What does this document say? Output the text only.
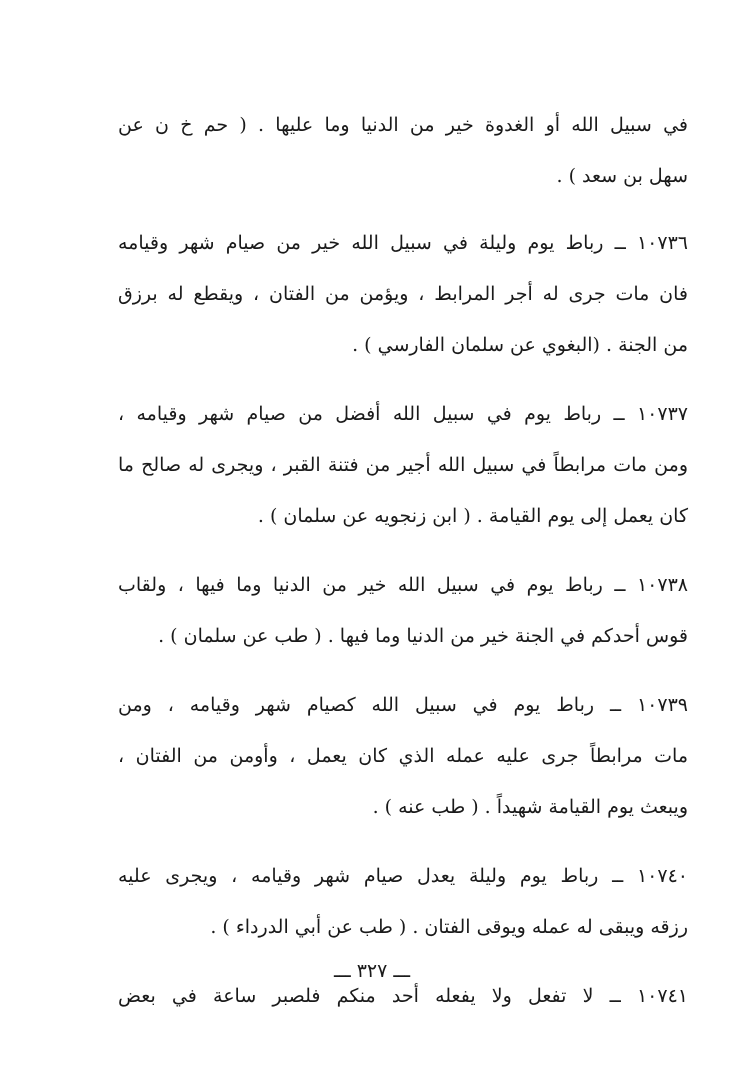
في سبيل الله أو الغدوة خير من الدنيا وما عليها . ( حم خ ن عن
سهل بن سعد ) .
١٠٧٣٦ ــ رباط يوم وليلة في سبيل الله خير من صيام شهر وقيامه
فان مات جرى له أجر المرابط ، ويؤمن من الفتان ، ويقطع له برزق
من الجنة . (البغوي عن سلمان الفارسي ) .
١٠٧٣٧ ــ رباط يوم في سبيل الله أفضل من صيام شهر وقيامه ،
ومن مات مرابطاً في سبيل الله أجير من فتنة القبر ، ويجرى له صالح ما
كان يعمل إلى يوم القيامة . ( ابن زنجويه عن سلمان ) .
١٠٧٣٨ ــ رباط يوم في سبيل الله خير من الدنيا وما فيها ، ولقاب
قوس أحدكم في الجنة خير من الدنيا وما فيها . ( طب عن سلمان ) .
١٠٧٣٩ ــ رباط يوم في سبيل الله كصيام شهر وقيامه ، ومن
مات مرابطاً جرى عليه عمله الذي كان يعمل ، وأومن من الفتان ،
ويبعث يوم القيامة شهيداً . ( طب عنه ) .
١٠٧٤٠ ــ رباط يوم وليلة يعدل صيام شهر وقيامه ، ويجرى عليه
رزقه ويبقى له عمله ويوقى الفتان . ( طب عن أبي الدرداء ) .
١٠٧٤١ ــ لا تفعل ولا يفعله أحد منكم فلصبر ساعة في بعض
ـــ ٣٢٧ ـــ
